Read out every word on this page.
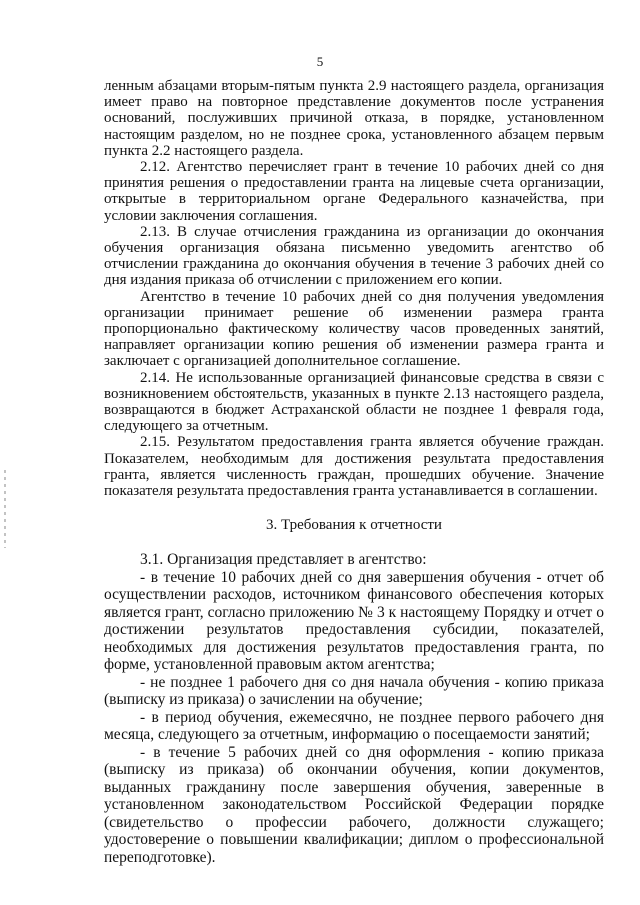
5

ленным абзацами вторым-пятым пункта 2.9 настоящего раздела, организация имеет право на повторное представление документов после устранения оснований, послуживших причиной отказа, в порядке, установленном настоящим разделом, но не позднее срока, установленного абзацем первым пункта 2.2 настоящего раздела.

2.12. Агентство перечисляет грант в течение 10 рабочих дней со дня принятия решения о предоставлении гранта на лицевые счета организации, открытые в территориальном органе Федерального казначейства, при условии заключения соглашения.

2.13. В случае отчисления гражданина из организации до окончания обучения организация обязана письменно уведомить агентство об отчислении гражданина до окончания обучения в течение 3 рабочих дней со дня издания приказа об отчислении с приложением его копии.

Агентство в течение 10 рабочих дней со дня получения уведомления организации принимает решение об изменении размера гранта пропорционально фактическому количеству часов проведенных занятий, направляет организации копию решения об изменении размера гранта и заключает с организацией дополнительное соглашение.

2.14. Не использованные организацией финансовые средства в связи с возникновением обстоятельств, указанных в пункте 2.13 настоящего раздела, возвращаются в бюджет Астраханской области не позднее 1 февраля года, следующего за отчетным.

2.15. Результатом предоставления гранта является обучение граждан. Показателем, необходимым для достижения результата предоставления гранта, является численность граждан, прошедших обучение. Значение показателя результата предоставления гранта устанавливается в соглашении.

3. Требования к отчетности

3.1. Организация представляет в агентство:

- в течение 10 рабочих дней со дня завершения обучения - отчет об осуществлении расходов, источником финансового обеспечения которых является грант, согласно приложению № 3 к настоящему Порядку и отчет о достижении результатов предоставления субсидии, показателей, необходимых для достижения результатов предоставления гранта, по форме, установленной правовым актом агентства;

- не позднее 1 рабочего дня со дня начала обучения - копию приказа (выписку из приказа) о зачислении на обучение;

- в период обучения, ежемесячно, не позднее первого рабочего дня месяца, следующего за отчетным, информацию о посещаемости занятий;

- в течение 5 рабочих дней со дня оформления - копию приказа (выписку из приказа) об окончании обучения, копии документов, выданных гражданину после завершения обучения, заверенные в установленном законодательством Российской Федерации порядке (свидетельство о профессии рабочего, должности служащего; удостоверение о повышении квалификации; диплом о профессиональной переподготовке).
